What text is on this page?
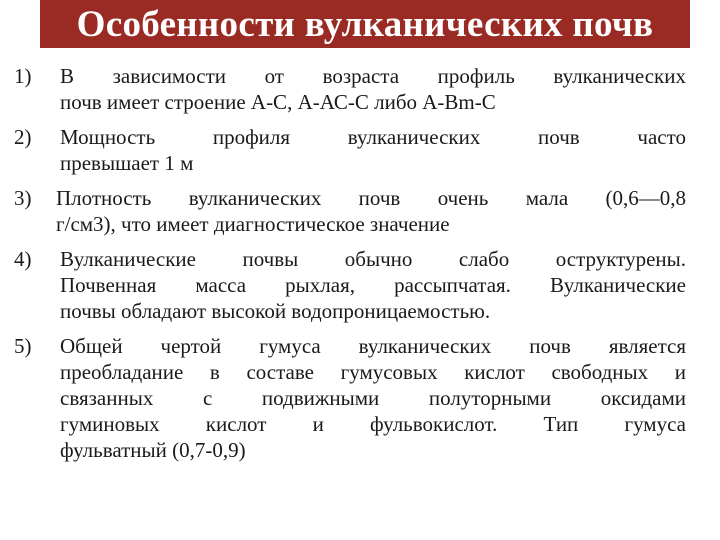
Особенности вулканических почв
1)	В зависимости от возраста профиль вулканических
почв имеет строение А-С, А-АС-С либо А-Bm-C
2)	Мощность профиля вулканических почв часто
превышает 1 м
3)	Плотность вулканических почв очень мала (0,6—0,8
г/см3), что имеет диагностическое значение
4)	Вулканические почвы обычно слабо оструктурены.
Почвенная масса рыхлая, рассыпчатая. Вулканические
почвы обладают высокой водопроницаемостью.
5)	Общей чертой гумуса вулканических почв является
преобладание в составе гумусовых кислот свободных и
связанных с подвижными полуторными оксидами
гуминовых кислот и фульвокислот. Тип гумуса
фульватный (0,7-0,9)
